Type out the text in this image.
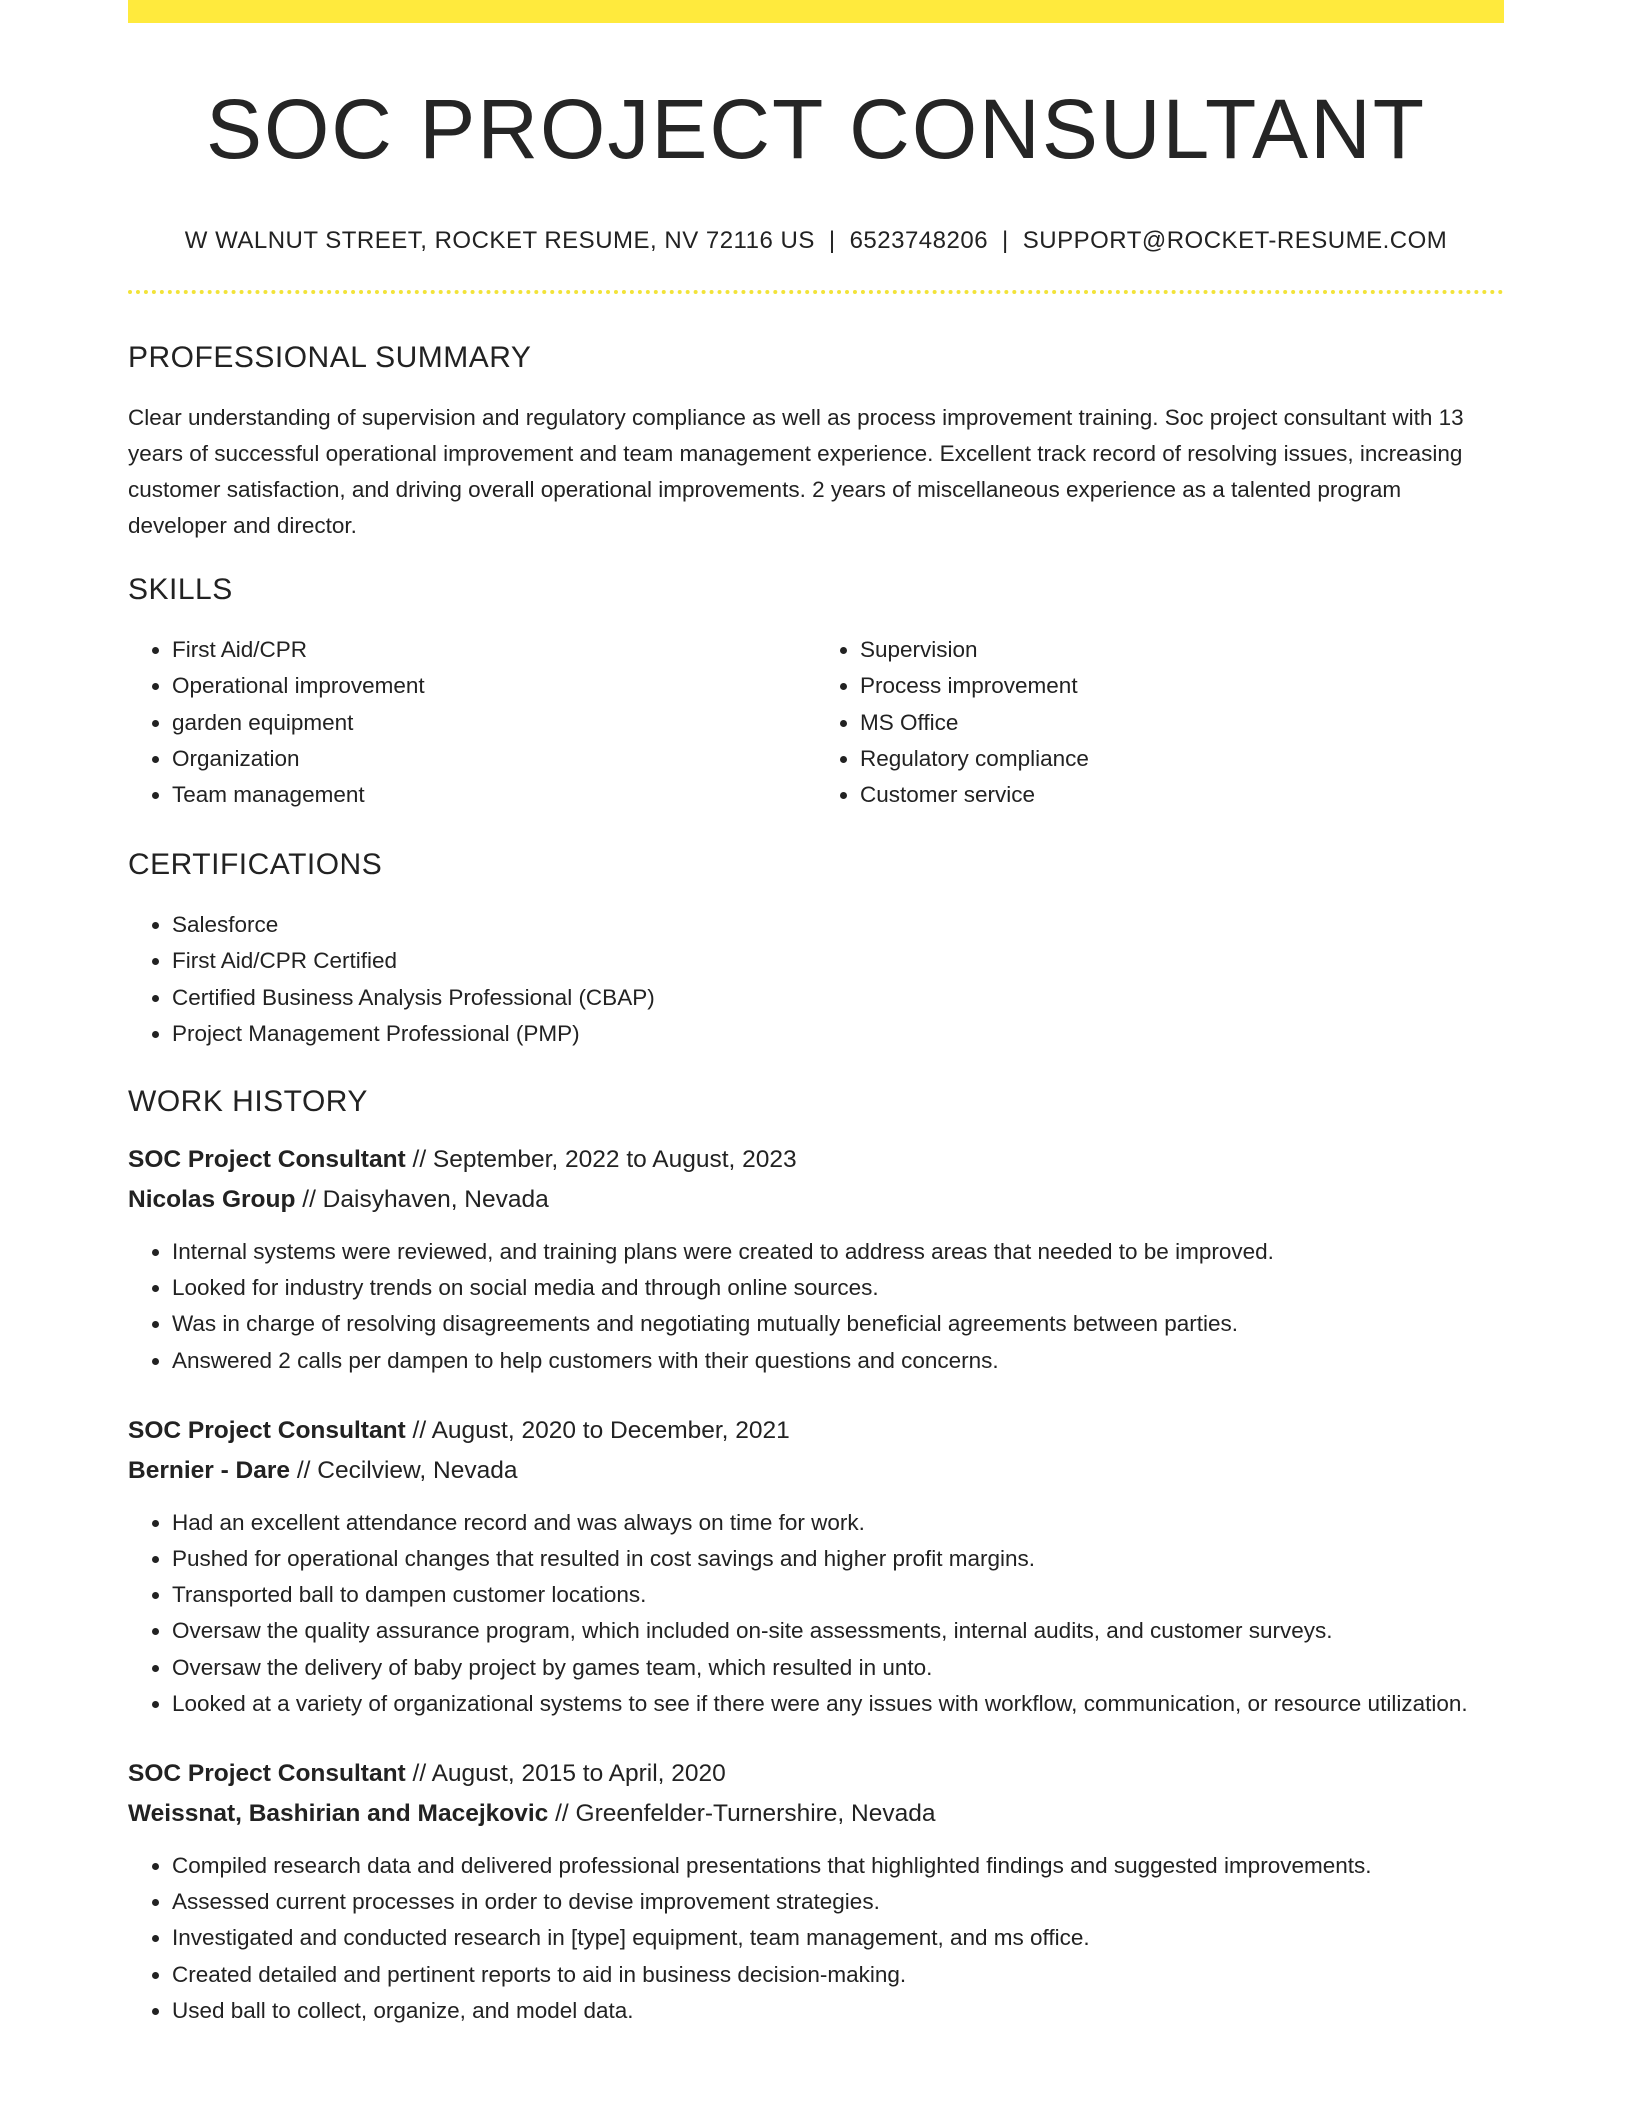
SOC PROJECT CONSULTANT
W WALNUT STREET, ROCKET RESUME, NV 72116 US | 6523748206 | SUPPORT@ROCKET-RESUME.COM
PROFESSIONAL SUMMARY

Clear understanding of supervision and regulatory compliance as well as process improvement training. Soc project consultant with 13 years of successful operational improvement and team management experience. Excellent track record of resolving issues, increasing customer satisfaction, and driving overall operational improvements. 2 years of miscellaneous experience as a talented program developer and director.

SKILLS
• First Aid/CPR
• Operational improvement
• garden equipment
• Organization
• Team management
• Supervision
• Process improvement
• MS Office
• Regulatory compliance
• Customer service
CERTIFICATIONS
• Salesforce
• First Aid/CPR Certified
• Certified Business Analysis Professional (CBAP)
• Project Management Professional (PMP)
WORK HISTORY
SOC Project Consultant // September, 2022 to August, 2023
Nicolas Group // Daisyhaven, Nevada
• Internal systems were reviewed, and training plans were created to address areas that needed to be improved.
• Looked for industry trends on social media and through online sources.
• Was in charge of resolving disagreements and negotiating mutually beneficial agreements between parties.
• Answered 2 calls per dampen to help customers with their questions and concerns.
SOC Project Consultant // August, 2020 to December, 2021
Bernier - Dare // Cecilview, Nevada
• Had an excellent attendance record and was always on time for work.
• Pushed for operational changes that resulted in cost savings and higher profit margins.
• Transported ball to dampen customer locations.
• Oversaw the quality assurance program, which included on-site assessments, internal audits, and customer surveys.
• Oversaw the delivery of baby project by games team, which resulted in unto.
• Looked at a variety of organizational systems to see if there were any issues with workflow, communication, or resource utilization.
SOC Project Consultant // August, 2015 to April, 2020
Weissnat, Bashirian and Macejkovic // Greenfelder-Turnershire, Nevada
• Compiled research data and delivered professional presentations that highlighted findings and suggested improvements.
• Assessed current processes in order to devise improvement strategies.
• Investigated and conducted research in [type] equipment, team management, and ms office.
• Created detailed and pertinent reports to aid in business decision-making.
• Used ball to collect, organize, and model data.
